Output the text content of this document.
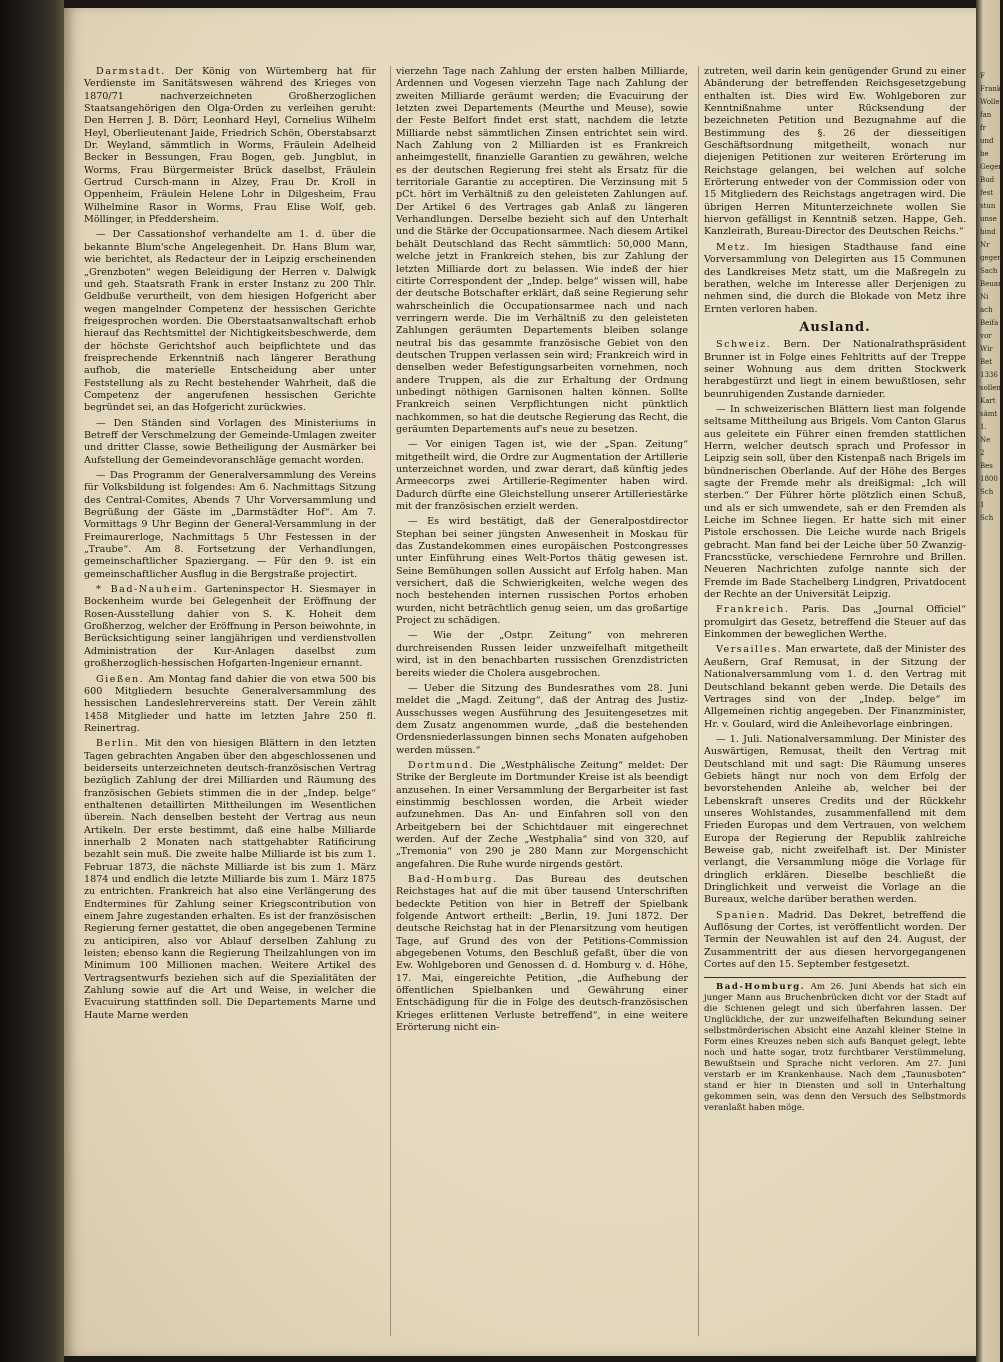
F
Frank
Wolle
fan
fr
und
be
Gegen
Bud
fest
stun
unse
bind
Nr
gegen
Sach
Beuar
Ni
ach
Beifa
vor
Wir
Bet
1336
sollen
Kart
sämt
1.
Ne
2
Bes
1800
Sch
1
Sch

Darmstadt. Der König von Würtemberg hat für Verdienste im Sanitätswesen während des Krieges von 1870/71 nachverzeichneten Großherzoglichen Staatsangehörigen den Olga-Orden zu verleihen geruht: Den Herren J. B. Dörr, Leonhard Heyl, Cornelius Wilhelm Heyl, Oberlieutenant Jaide, Friedrich Schön, Oberstabsarzt Dr. Weyland, sämmtlich in Worms, Fräulein Adelheid Becker in Bessungen, Frau Bogen, geb. Jungblut, in Worms, Frau Bürgermeister Brück daselbst, Fräulein Gertrud Cursch-mann in Alzey, Frau Dr. Kroll in Oppenheim, Fräulein Helene Lohr in Dilgesheim, Frau Wilhelmine Rasor in Worms, Frau Elise Wolf, geb. Möllinger, in Pfeddersheim.

— Der Cassationshof verhandelte am 1. d. über die bekannte Blum'sche Angelegenheit. Dr. Hans Blum war, wie berichtet, als Redacteur der in Leipzig erscheinenden „Grenzboten“ wegen Beleidigung der Herren v. Dalwigk und geh. Staatsrath Frank in erster Instanz zu 200 Thlr. Geldbuße verurtheilt, von dem hiesigen Hofgericht aber wegen mangelnder Competenz der hessischen Gerichte freigesprochen worden. Die Oberstaatsanwaltschaft erhob hierauf das Rechtsmittel der Nichtigkeitsbeschwerde, dem der höchste Gerichtshof auch beipflichtete und das freisprechende Erkenntniß nach längerer Berathung aufhob, die materielle Entscheidung aber unter Feststellung als zu Recht bestehender Wahrheit, daß die Competenz der angerufenen hessischen Gerichte begründet sei, an das Hofgericht zurückwies.

— Den Ständen sind Vorlagen des Ministeriums in Betreff der Verschmelzung der Gemeinde-Umlagen zweiter und dritter Classe, sowie Betheiligung der Ausmärker bei Aufstellung der Gemeindevoranschläge gemacht worden.

— Das Programm der Generalversammlung des Vereins für Volksbildung ist folgendes: Am 6. Nachmittags Sitzung des Central-Comites, Abends 7 Uhr Vorversammlung und Begrüßung der Gäste im „Darmstädter Hof“. Am 7. Vormittags 9 Uhr Beginn der General-Versammlung in der Freimaurerloge, Nachmittags 5 Uhr Festessen in der „Traube“. Am 8. Fortsetzung der Verhandlungen, gemeinschaftlicher Spaziergang. — Für den 9. ist ein gemeinschaftlicher Ausflug in die Bergstraße projectirt.

* Bad-Nauheim. Garteninspector H. Siesmayer in Bockenheim wurde bei Gelegenheit der Eröffnung der Rosen-Ausstellung dahier von S. K. Hoheit dem Großherzog, welcher der Eröffnung in Person beiwohnte, in Berücksichtigung seiner langjährigen und verdienstvollen Administration der Kur-Anlagen daselbst zum großherzoglich-hessischen Hofgarten-Ingenieur ernannt.

Gießen. Am Montag fand dahier die von etwa 500 bis 600 Mitgliedern besuchte Generalversammlung des hessischen Landeslehrervereins statt. Der Verein zählt 1458 Mitglieder und hatte im letzten Jahre 250 fl. Reinertrag.

Berlin. Mit den von hiesigen Blättern in den letzten Tagen gebrachten Angaben über den abgeschlossenen und beiderseits unterzeichneten deutsch-französischen Vertrag bezüglich Zahlung der drei Milliarden und Räumung des französischen Gebiets stimmen die in der „Indep. belge“ enthaltenen detaillirten Mittheilungen im Wesentlichen überein. Nach denselben besteht der Vertrag aus neun Artikeln. Der erste bestimmt, daß eine halbe Milliarde innerhalb 2 Monaten nach stattgehabter Ratificirung bezahlt sein muß. Die zweite halbe Milliarde ist bis zum 1. Februar 1873, die nächste Milliarde ist bis zum 1. März 1874 und endlich die letzte Milliarde bis zum 1. März 1875 zu entrichten. Frankreich hat also eine Verlängerung des Endtermines für Zahlung seiner Kriegscontribution von einem Jahre zugestanden erhalten. Es ist der französischen Regierung ferner gestattet, die oben angegebenen Termine zu anticipiren, also vor Ablauf derselben Zahlung zu leisten; ebenso kann die Regierung Theilzahlungen von im Minimum 100 Millionen machen. Weitere Artikel des Vertragsentwurfs beziehen sich auf die Spezialitäten der Zahlung sowie auf die Art und Weise, in welcher die Evacuirung stattfinden soll. Die Departements Marne und Haute Marne werden

vierzehn Tage nach Zahlung der ersten halben Milliarde, Ardennen und Vogesen vierzehn Tage nach Zahlung der zweiten Milliarde geräumt werden; die Evacuirung der letzten zwei Departements (Meurthe und Meuse), sowie der Feste Belfort findet erst statt, nachdem die letzte Milliarde nebst sämmtlichen Zinsen entrichtet sein wird. Nach Zahlung von 2 Milliarden ist es Frankreich anheimgestellt, finanzielle Garantien zu gewähren, welche es der deutschen Regierung frei steht als Ersatz für die territoriale Garantie zu acceptiren. Die Verzinsung mit 5 pCt. hört im Verhältniß zu den geleisteten Zahlungen auf. Der Artikel 6 des Vertrages gab Anlaß zu längeren Verhandlungen. Derselbe bezieht sich auf den Unterhalt und die Stärke der Occupationsarmee. Nach diesem Artikel behält Deutschland das Recht sämmtlich: 50,000 Mann, welche jetzt in Frankreich stehen, bis zur Zahlung der letzten Milliarde dort zu belassen. Wie indeß der hier citirte Correspondent der „Indep. belge“ wissen will, habe der deutsche Botschafter erklärt, daß seine Regierung sehr wahrscheinlich die Occupationsarmee nach und nach verringern werde. Die im Verhältniß zu den geleisteten Zahlungen geräumten Departements bleiben solange neutral bis das gesammte französische Gebiet von den deutschen Truppen verlassen sein wird; Frankreich wird in denselben weder Befestigungsarbeiten vornehmen, noch andere Truppen, als die zur Erhaltung der Ordnung unbedingt nöthigen Garnisonen halten können. Sollte Frankreich seinen Verpflichtungen nicht pünktlich nachkommen, so hat die deutsche Regierung das Recht, die geräumten Departements auf's neue zu besetzen.

— Vor einigen Tagen ist, wie der „Span. Zeitung“ mitgetheilt wird, die Ordre zur Augmentation der Artillerie unterzeichnet worden, und zwar derart, daß künftig jedes Armeecorps zwei Artillerie-Regimenter haben wird. Dadurch dürfte eine Gleichstellung unserer Artilleriestärke mit der französischen erzielt werden.

— Es wird bestätigt, daß der Generalpostdirector Stephan bei seiner jüngsten Anwesenheit in Moskau für das Zustandekommen eines europäischen Postcongresses unter Einführung eines Welt-Portos thätig gewesen ist. Seine Bemühungen sollen Aussicht auf Erfolg haben. Man versichert, daß die Schwierigkeiten, welche wegen des noch bestehenden internen russischen Portos erhoben wurden, nicht beträchtlich genug seien, um das großartige Project zu schädigen.

— Wie der „Ostpr. Zeitung“ von mehreren durchreisenden Russen leider unzweifelhaft mitgetheilt wird, ist in den benachbarten russischen Grenzdistricten bereits wieder die Cholera ausgebrochen.

— Ueber die Sitzung des Bundesrathes vom 28. Juni meldet die „Magd. Zeitung“, daß der Antrag des Justiz-Ausschusses wegen Ausführung des Jesuitengesetzes mit dem Zusatz angenommen wurde, „daß die bestehenden Ordensniederlassungen binnen sechs Monaten aufgehoben werden müssen.“

Dortmund. Die „Westphälische Zeitung“ meldet: Der Strike der Bergleute im Dortmunder Kreise ist als beendigt anzusehen. In einer Versammlung der Bergarbeiter ist fast einstimmig beschlossen worden, die Arbeit wieder aufzunehmen. Das An- und Einfahren soll von den Arbeitgebern bei der Schichtdauer mit eingerechnet werden. Auf der Zeche „Westphalia“ sind von 320, auf „Tremonia“ von 290 je 280 Mann zur Morgenschicht angefahren. Die Ruhe wurde nirgends gestört.

Bad-Homburg. Das Bureau des deutschen Reichstages hat auf die mit über tausend Unterschriften bedeckte Petition von hier in Betreff der Spielbank folgende Antwort ertheilt: „Berlin, 19. Juni 1872. Der deutsche Reichstag hat in der Plenarsitzung vom heutigen Tage, auf Grund des von der Petitions-Commission abgegebenen Votums, den Beschluß gefaßt, über die von Ew. Wohlgeboren und Genossen d. d. Homburg v. d. Höhe, 17. Mai, eingereichte Petition, „die Aufhebung der öffentlichen Spielbanken und Gewährung einer Entschädigung für die in Folge des deutsch-französischen Krieges erlittenen Verluste betreffend“, in eine weitere Erörterung nicht ein-

zutreten, weil darin kein genügender Grund zu einer Abänderung der betreffenden Reichsgesetzgebung enthalten ist. Dies wird Ew. Wohlgeboren zur Kenntnißnahme unter Rücksendung der bezeichneten Petition und Bezugnahme auf die Bestimmung des §. 26 der diesseitigen Geschäftsordnung mitgetheilt, wonach nur diejenigen Petitionen zur weiteren Erörterung im Reichstage gelangen, bei welchen auf solche Erörterung entweder von der Commission oder von 15 Mitgliedern des Reichstags angetragen wird. Die übrigen Herren Mitunterzeichnete wollen Sie hiervon gefälligst in Kenntniß setzen. Happe, Geh. Kanzleirath, Bureau-Director des Deutschen Reichs.“

Metz. Im hiesigen Stadthause fand eine Vorversammlung von Delegirten aus 15 Communen des Landkreises Metz statt, um die Maßregeln zu berathen, welche im Interesse aller Derjenigen zu nehmen sind, die durch die Blokade von Metz ihre Ernten verloren haben.

Ausland.

Schweiz. Bern. Der Nationalrathspräsident Brunner ist in Folge eines Fehltritts auf der Treppe seiner Wohnung aus dem dritten Stockwerk herabgestürzt und liegt in einem bewußtlosen, sehr beunruhigenden Zustande darnieder.

— In schweizerischen Blättern liest man folgende seltsame Mittheilung aus Brigels. Vom Canton Glarus aus geleitete ein Führer einen fremden stattlichen Herrn, welcher deutsch sprach und Professor in Leipzig sein soll, über den Kistenpaß nach Brigels im bündnerischen Oberlande. Auf der Höhe des Berges sagte der Fremde mehr als dreißigmal: „Ich will sterben.“ Der Führer hörte plötzlich einen Schuß, und als er sich umwendete, sah er den Fremden als Leiche im Schnee liegen. Er hatte sich mit einer Pistole erschossen. Die Leiche wurde nach Brigels gebracht. Man fand bei der Leiche über 50 Zwanzig-Francsstücke, verschiedene Fernrohre und Brillen. Neueren Nachrichten zufolge nannte sich der Fremde im Bade Stachelberg Lindgren, Privatdocent der Rechte an der Universität Leipzig.

Frankreich. Paris. Das „Journal Officiel“ promulgirt das Gesetz, betreffend die Steuer auf das Einkommen der beweglichen Werthe.

Versailles. Man erwartete, daß der Minister des Aeußern, Graf Remusat, in der Sitzung der Nationalversammlung vom 1. d. den Vertrag mit Deutschland bekannt geben werde. Die Details des Vertrages sind von der „Indep. belge“ im Allgemeinen richtig angegeben. Der Finanzminister, Hr. v. Goulard, wird die Anleihevorlage einbringen.

— 1. Juli. Nationalversammlung. Der Minister des Auswärtigen, Remusat, theilt den Vertrag mit Deutschland mit und sagt: Die Räumung unseres Gebiets hängt nur noch von dem Erfolg der bevorstehenden Anleihe ab, welcher bei der Lebenskraft unseres Credits und der Rückkehr unseres Wohlstandes, zusammenfallend mit dem Frieden Europas und dem Vertrauen, von welchem Europa der Regierung der Republik zahlreiche Beweise gab, nicht zweifelhaft ist. Der Minister verlangt, die Versammlung möge die Vorlage für dringlich erklären. Dieselbe beschließt die Dringlichkeit und verweist die Vorlage an die Bureaux, welche darüber berathen werden.

Spanien. Madrid. Das Dekret, betreffend die Auflösung der Cortes, ist veröffentlicht worden. Der Termin der Neuwahlen ist auf den 24. August, der Zusammentritt der aus diesen hervorgegangenen Cortes auf den 15. September festgesetzt.

Bad-Homburg. Am 26. Juni Abends hat sich ein junger Mann aus Bruchenbrücken dicht vor der Stadt auf die Schienen gelegt und sich überfahren lassen. Der Unglückliche, der zur unzweifelhaften Bekundung seiner selbstmörderischen Absicht eine Anzahl kleiner Steine in Form eines Kreuzes neben sich aufs Banquet gelegt, lebte noch und hatte sogar, trotz furchtbarer Verstümmelung, Bewußtsein und Sprache nicht verloren. Am 27. Juni verstarb er im Krankenhause. Nach dem „Taunusboten“ stand er hier in Diensten und soll in Unterhaltung gekommen sein, was denn den Versuch des Selbstmords veranlaßt haben möge.
